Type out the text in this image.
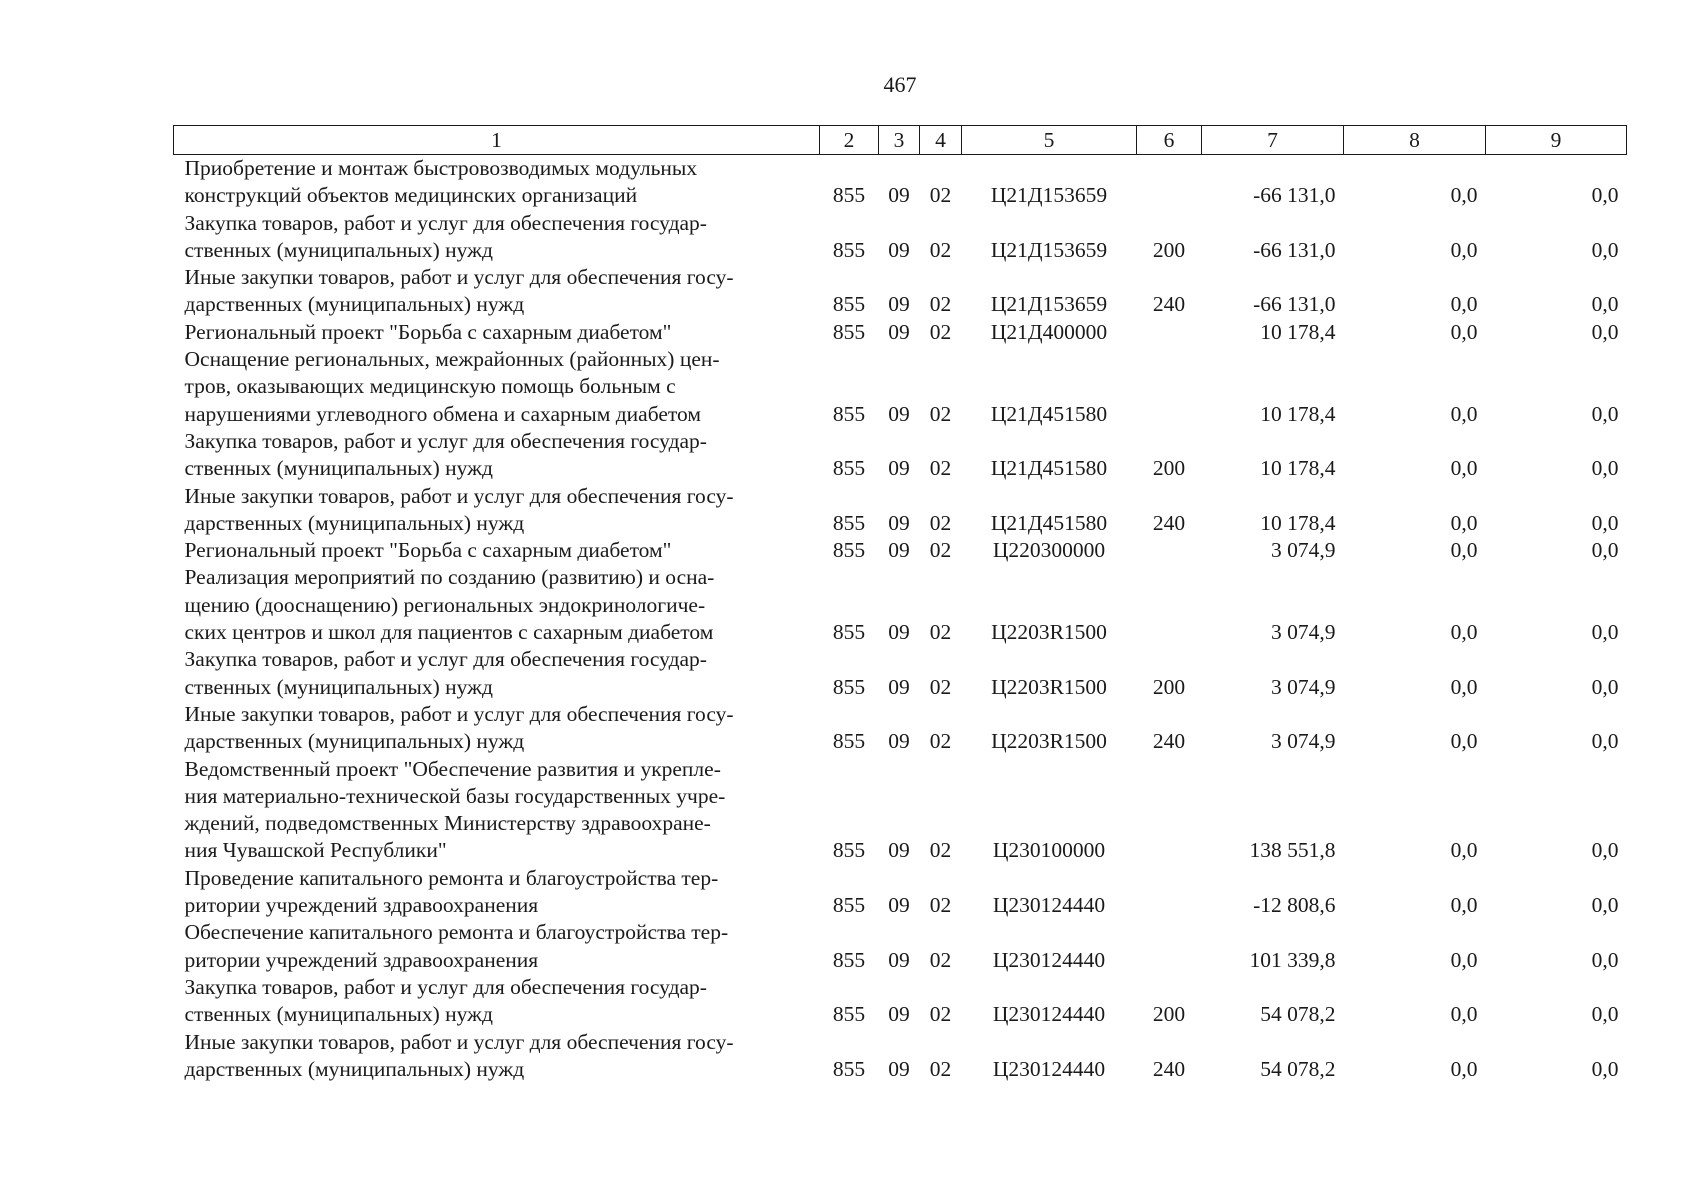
467
1	2	3	4	5	6	7	8	9

Приобретение и монтаж быстровозводимых модульных
конструкций объектов медицинских организаций	855	09	02	Ц21Д153659		-66 131,0	0,0	0,0

Закупка товаров, работ и услуг для обеспечения государ-
ственных (муниципальных) нужд	855	09	02	Ц21Д153659	200	-66 131,0	0,0	0,0

Иные закупки товаров, работ и услуг для обеспечения госу-
дарственных (муниципальных) нужд	855	09	02	Ц21Д153659	240	-66 131,0	0,0	0,0

Региональный проект "Борьба с сахарным диабетом"	855	09	02	Ц21Д400000		10 178,4	0,0	0,0

Оснащение региональных, межрайонных (районных) цен-
тров, оказывающих медицинскую помощь больным с
нарушениями углеводного обмена и сахарным диабетом	855	09	02	Ц21Д451580		10 178,4	0,0	0,0

Закупка товаров, работ и услуг для обеспечения государ-
ственных (муниципальных) нужд	855	09	02	Ц21Д451580	200	10 178,4	0,0	0,0

Иные закупки товаров, работ и услуг для обеспечения госу-
дарственных (муниципальных) нужд	855	09	02	Ц21Д451580	240	10 178,4	0,0	0,0

Региональный проект "Борьба с сахарным диабетом"	855	09	02	Ц220300000		3 074,9	0,0	0,0

Реализация мероприятий по созданию (развитию) и осна-
щению (дооснащению) региональных эндокринологиче-
ских центров и школ для пациентов с сахарным диабетом	855	09	02	Ц2203R1500		3 074,9	0,0	0,0

Закупка товаров, работ и услуг для обеспечения государ-
ственных (муниципальных) нужд	855	09	02	Ц2203R1500	200	3 074,9	0,0	0,0

Иные закупки товаров, работ и услуг для обеспечения госу-
дарственных (муниципальных) нужд	855	09	02	Ц2203R1500	240	3 074,9	0,0	0,0

Ведомственный проект "Обеспечение развития и укрепле-
ния материально-технической базы государственных учре-
ждений, подведомственных Министерству здравоохране-
ния Чувашской Республики"	855	09	02	Ц230100000		138 551,8	0,0	0,0

Проведение капитального ремонта и благоустройства тер-
ритории учреждений здравоохранения	855	09	02	Ц230124440		-12 808,6	0,0	0,0

Обеспечение капитального ремонта и благоустройства тер-
ритории учреждений здравоохранения	855	09	02	Ц230124440		101 339,8	0,0	0,0

Закупка товаров, работ и услуг для обеспечения государ-
ственных (муниципальных) нужд	855	09	02	Ц230124440	200	54 078,2	0,0	0,0

Иные закупки товаров, работ и услуг для обеспечения госу-
дарственных (муниципальных) нужд	855	09	02	Ц230124440	240	54 078,2	0,0	0,0
